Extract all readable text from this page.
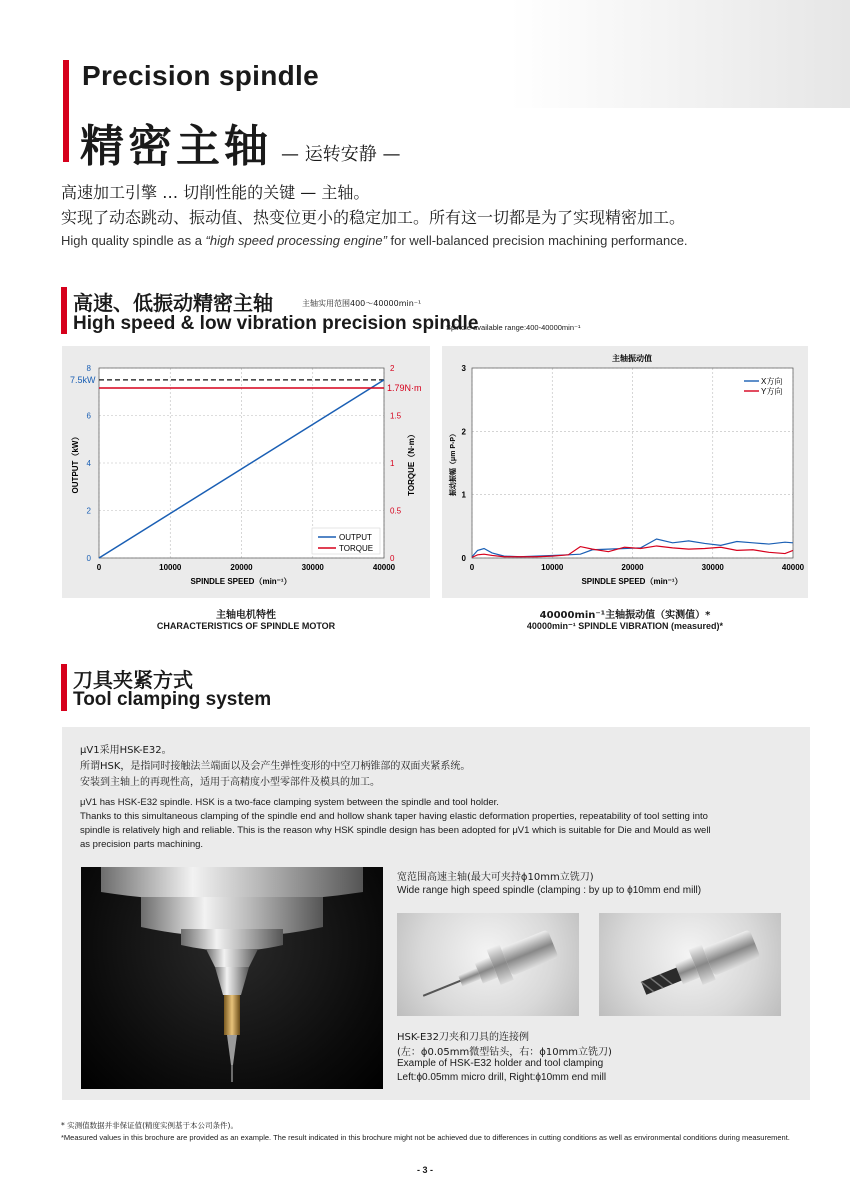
Precision spindle
精密主轴 — 运转安静 —
高速加工引擎 … 切削性能的关键 — 主轴。
实现了动态跳动、振动值、热变位更小的稳定加工。所有这一切都是为了实现精密加工。
High quality spindle as a “high speed processing engine” for well-balanced precision machining performance.
高速、低振动精密主轴	主轴实用范围400～40000min⁻¹
High speed & low vibration precision spindle
Spindle available range:400-40000min⁻¹
0
2
4
6
8
0
0.5
1
1.5
2
0	10000	20000	30000	40000
7.5kW
1.79N·m
SPINDLE SPEED（min⁻¹）
OUTPUT（kW）	TORQUE（N·m）
OUTPUT
TORQUE
主轴振动值
0
1
2
3
0	10000	20000	30000	40000
SPINDLE SPEED（min⁻¹）
振动振幅（μm P-P）
X方向
Y方向
主轴电机特性
CHARACTERISTICS OF SPINDLE MOTOR
40000min⁻¹主轴振动值（实测值）*
40000min⁻¹ SPINDLE VIBRATION (measured)*
刀具夹紧方式
Tool clamping system
μV1采用HSK-E32。
所谓HSK，是指同时接触法兰端面以及会产生弹性变形的中空刀柄锥部的双面夹紧系统。
安装到主轴上的再现性高，适用于高精度小型零部件及模具的加工。
μV1 has HSK-E32 spindle. HSK is a two-face clamping system between the spindle and tool holder.
Thanks to this simultaneous clamping of the spindle end and hollow shank taper having elastic deformation properties, repeatability of tool setting into
spindle is relatively high and reliable. This is the reason why HSK spindle design has been adopted for μV1 which is suitable for Die and Mould as well
as precision parts machining.
宽范围高速主轴(最大可夹持ϕ10mm立铣刀)
Wide range high speed spindle (clamping : by up to ϕ10mm end mill)
HSK-E32刀夹和刀具的连接例
(左：ϕ0.05mm微型钻头，右：ϕ10mm立铣刀)
Example of HSK-E32 holder and tool clamping
Left:ϕ0.05mm micro drill, Right:ϕ10mm end mill
* 实测值数据并非保证值(精度实例基于本公司条件)。
*Measured values in this brochure are provided as an example. The result indicated in this brochure might not be achieved due to differences in cutting conditions as well as environmental conditions during measurement.
- 3 -
